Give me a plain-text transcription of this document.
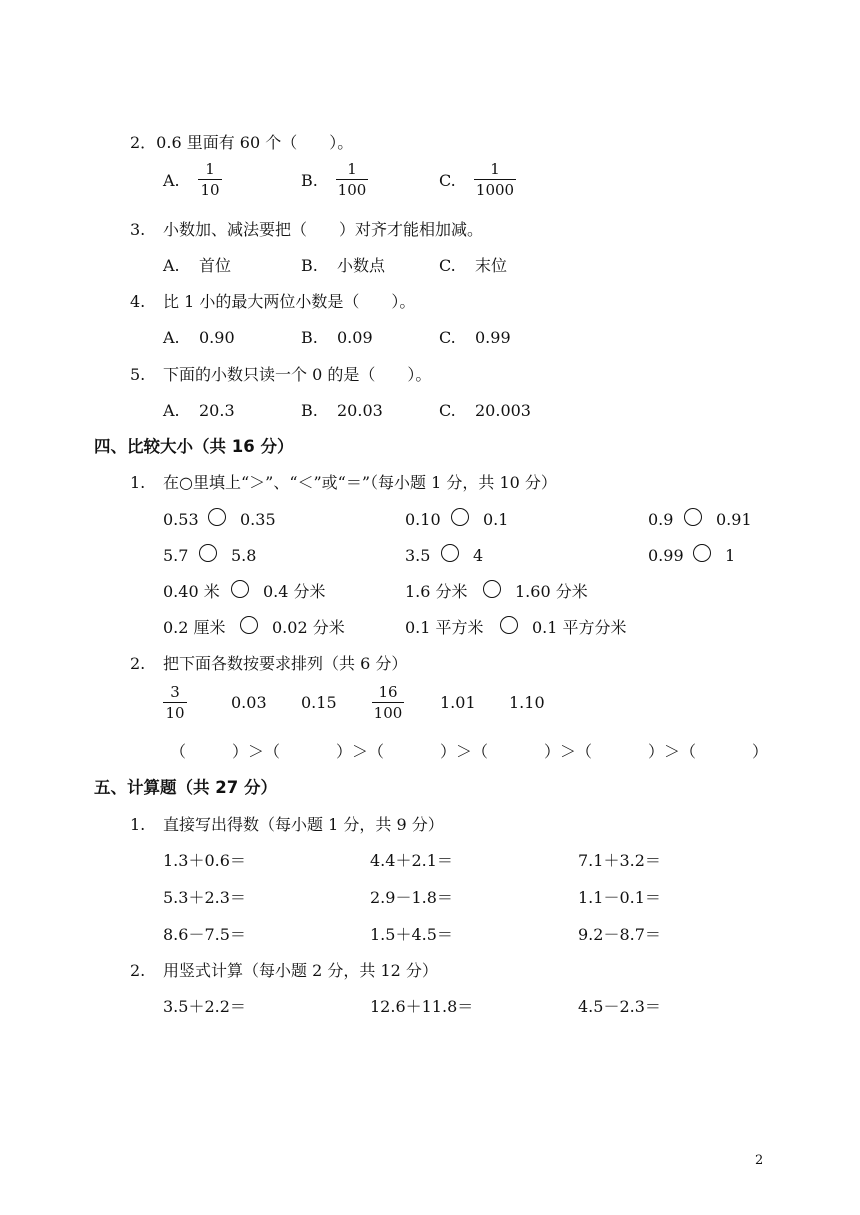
2．0.6 里面有 60 个（　　）。
A.
1
10	B.
1
100	C.
1
1000
3. 小数加、减法要把（　　）对齐才能相加减。
A. 首位	B. 小数点	C. 末位
4. 比 1 小的最大两位小数是（　　）。
A. 0.90	B. 0.09	C. 0.99
5. 下面的小数只读一个 0 的是（　　）。
A. 20.3	B. 20.03	C. 20.003
四、比较大小（共 16 分）
1. 在○里填上“＞”、“＜”或“＝”（每小题 1 分，共 10 分）
0.53	0.35	0.10	0.1	0.9	0.91
5.7	5.8	3.5	4	0.99	1
0.40 米	0.4 分米	1.6 分米	1.60 分米
0.2 厘米	0.02 分米	0.1 平方米	0.1 平方分米
2. 把下面各数按要求排列（共 6 分）
3
10
0.03 0.15
16
100
1.01 1.10
（	）＞（	）＞（	）＞（	）＞（	）＞（	）
五、计算题（共 27 分）
1. 直接写出得数（每小题 1 分，共 9 分）
1.3＋0.6＝	4.4＋2.1＝	7.1＋3.2＝
5.3＋2.3＝	2.9－1.8＝	1.1－0.1＝
8.6－7.5＝	1.5＋4.5＝	9.2－8.7＝
2. 用竖式计算（每小题 2 分，共 12 分）
3.5＋2.2＝	12.6＋11.8＝	4.5－2.3＝
2
